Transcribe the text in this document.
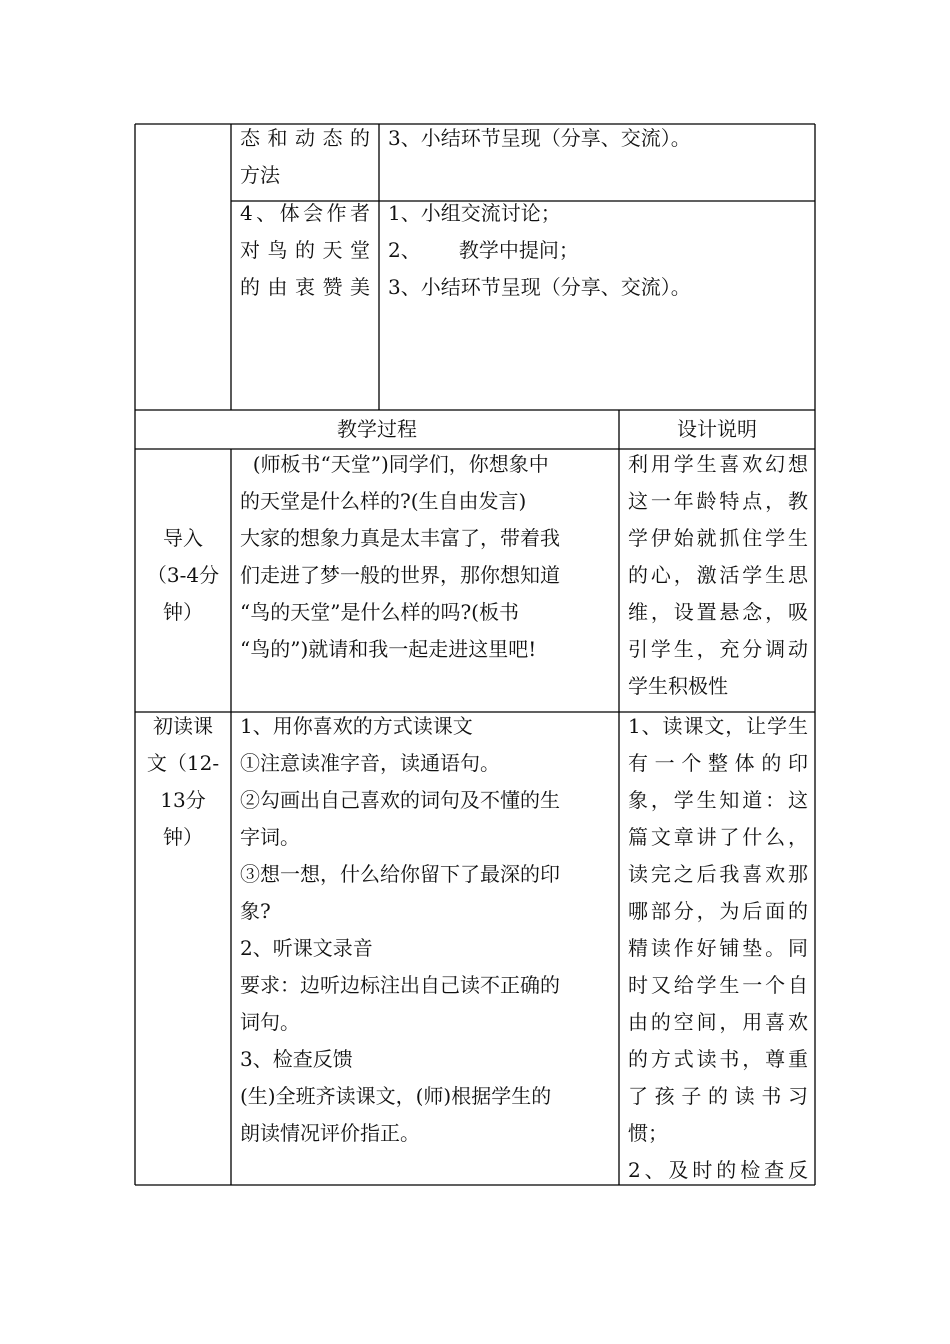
态和动态的
方法
3、小结环节呈现（分享、交流）。
4、体会作者
对鸟的天堂
的由衷赞美
1、小组交流讨论；
2、      教学中提问；
3、小结环节呈现（分享、交流）。
教学过程	设计说明
导入
（3-4分
钟）
(师板书“天堂”)同学们，你想象中
的天堂是什么样的?(生自由发言)
大家的想象力真是太丰富了，带着我
们走进了梦一般的世界，那你想知道
“鸟的天堂”是什么样的吗?(板书
“鸟的”)就请和我一起走进这里吧!
利用学生喜欢幻想
这一年龄特点，教
学伊始就抓住学生
的心，激活学生思
维，设置悬念，吸
引学生，充分调动
学生积极性
初读课
文（12-
13分
钟）
1、用你喜欢的方式读课文
①注意读准字音，读通语句。
②勾画出自己喜欢的词句及不懂的生
字词。
③想一想，什么给你留下了最深的印
象?
2、听课文录音
要求：边听边标注出自己读不正确的
词句。
3、检查反馈
(生)全班齐读课文，(师)根据学生的
朗读情况评价指正。
1、读课文，让学生
有一个整体的印
象，学生知道：这
篇文章讲了什么，
读完之后我喜欢那
哪部分，为后面的
精读作好铺垫。同
时又给学生一个自
由的空间，用喜欢
的方式读书，尊重
了孩子的读书习
惯；
2、及时的检查反
